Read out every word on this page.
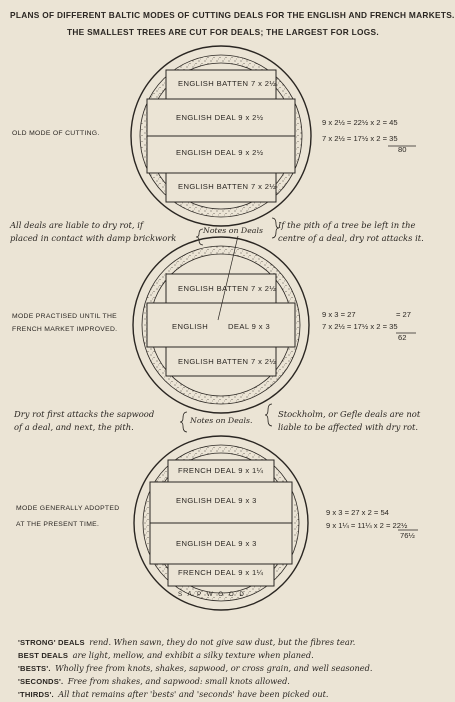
PLANS OF DIFFERENT BALTIC MODES OF CUTTING DEALS FOR THE ENGLISH AND FRENCH MARKETS.
THE SMALLEST TREES ARE CUT FOR DEALS; THE LARGEST FOR LOGS.
ENGLISH BATTEN 7 x 2½
ENGLISH DEAL 9 x 2½
ENGLISH DEAL 9 x 2½
ENGLISH BATTEN 7 x 2½
OLD MODE OF CUTTING.
9 x 2½ = 22½ x 2 = 45
7 x 2½ = 17½ x 2 = 35
80
All deals are liable to dry rot, if
placed in contact with damp brickwork
Notes on Deals
If the pith of a tree be left in the
centre of a deal, dry rot attacks it.
ENGLISH BATTEN 7 x 2½
ENGLISH	DEAL 9 x 3
ENGLISH BATTEN 7 x 2½
MODE PRACTISED UNTIL THE
FRENCH MARKET IMPROVED.
9 x 3 = 27	= 27
7 x 2½ = 17½ x 2 = 35
62
Dry rot first attacks the sapwood
of a deal, and next, the pith.
Notes on Deals.
Stockholm, or Gefle deals are not
liable to be affected with dry rot.
FRENCH DEAL 9 x 1¼
ENGLISH DEAL 9 x 3
ENGLISH DEAL 9 x 3
FRENCH DEAL 9 x 1¼
S A P W O O D
MODE GENERALLY ADOPTED
AT THE PRESENT TIME.
9 x 3 = 27 x 2 = 54
9 x 1¼ = 11¼ x 2 = 22½
76½
'STRONG' DEALS rend. When sawn, they do not give saw dust, but the fibres tear.
BEST DEALS are light, mellow, and exhibit a silky texture when planed.
'BESTS'. Wholly free from knots, shakes, sapwood, or cross grain, and well seasoned.
'SECONDS'. Free from shakes, and sapwood: small knots allowed.
'THIRDS'. All that remains after 'bests' and 'seconds' have been picked out.
